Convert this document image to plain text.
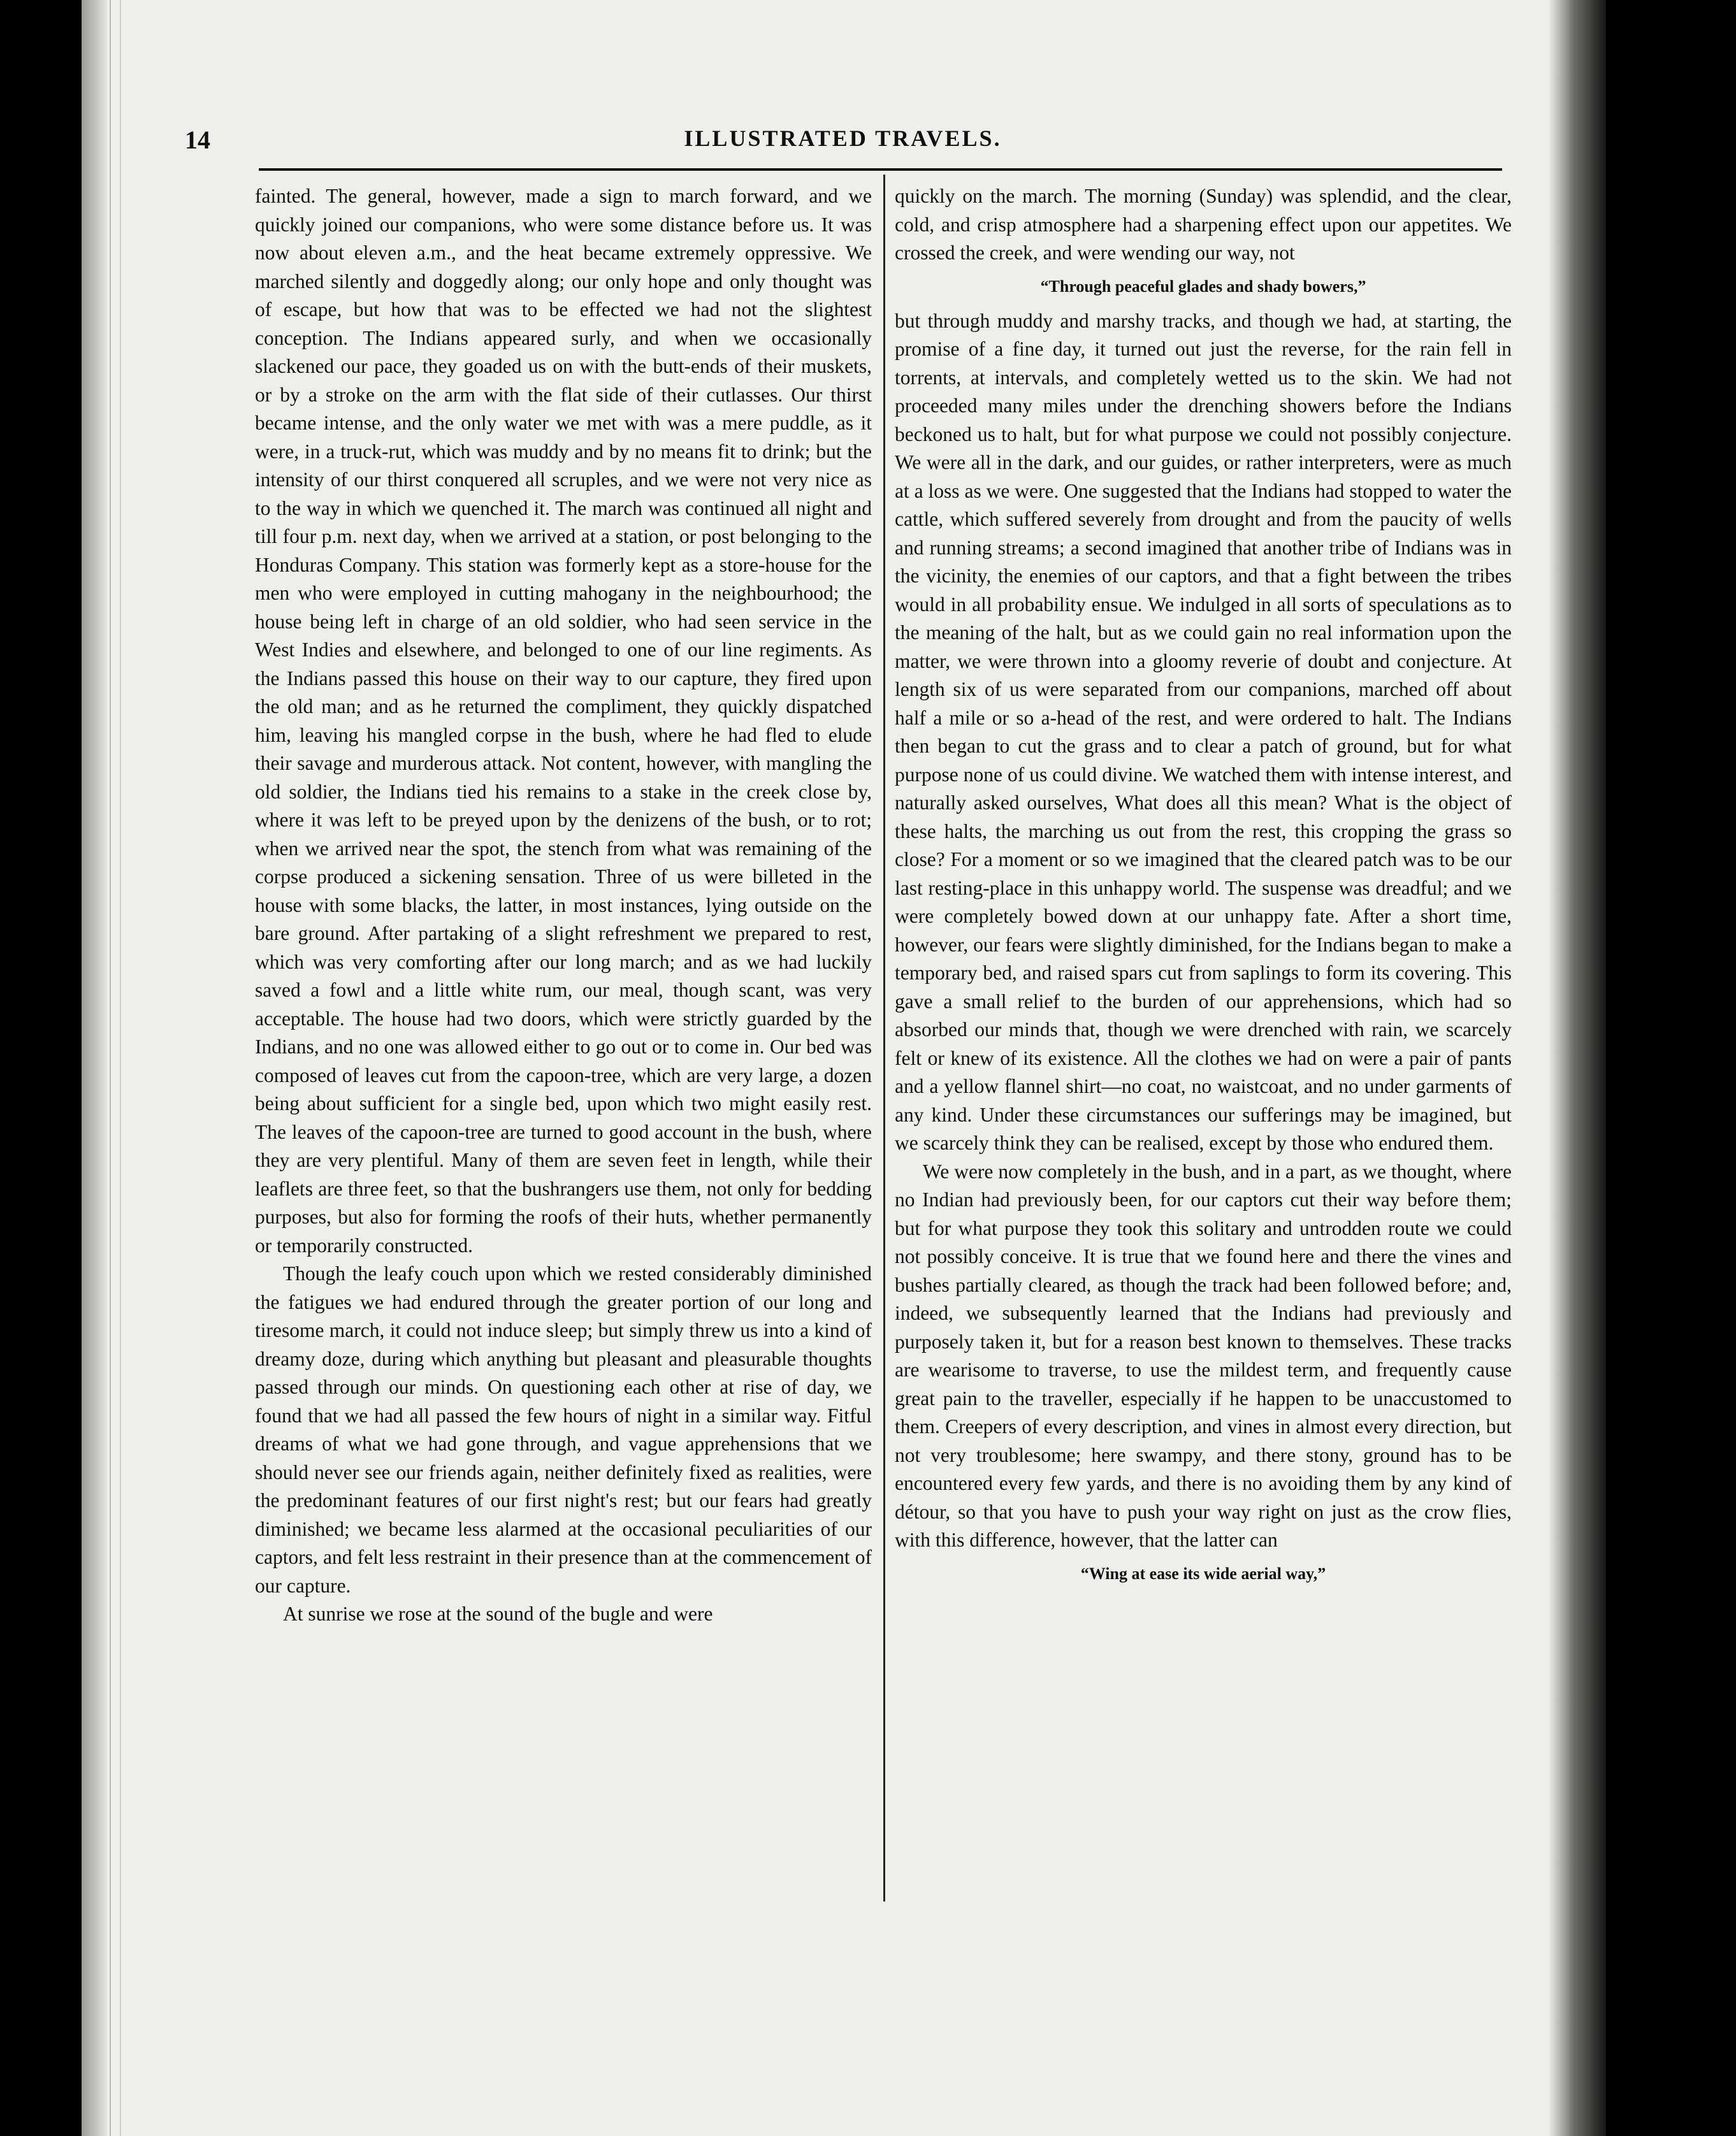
14	ILLUSTRATED TRAVELS.

fainted. The general, however, made a sign to march forward, and we quickly joined our companions, who were some distance before us. It was now about eleven a.m., and the heat became extremely oppressive. We marched silently and doggedly along; our only hope and only thought was of escape, but how that was to be effected we had not the slightest conception. The Indians appeared surly, and when we occasionally slackened our pace, they goaded us on with the butt-ends of their muskets, or by a stroke on the arm with the flat side of their cutlasses. Our thirst became intense, and the only water we met with was a mere puddle, as it were, in a truck-rut, which was muddy and by no means fit to drink; but the intensity of our thirst conquered all scruples, and we were not very nice as to the way in which we quenched it. The march was continued all night and till four p.m. next day, when we arrived at a station, or post belonging to the Honduras Company. This station was formerly kept as a store-house for the men who were employed in cutting mahogany in the neighbourhood; the house being left in charge of an old soldier, who had seen service in the West Indies and elsewhere, and belonged to one of our line regiments. As the Indians passed this house on their way to our capture, they fired upon the old man; and as he returned the compliment, they quickly dispatched him, leaving his mangled corpse in the bush, where he had fled to elude their savage and murderous attack. Not content, however, with mangling the old soldier, the Indians tied his remains to a stake in the creek close by, where it was left to be preyed upon by the denizens of the bush, or to rot; when we arrived near the spot, the stench from what was remaining of the corpse produced a sickening sensation. Three of us were billeted in the house with some blacks, the latter, in most instances, lying outside on the bare ground. After partaking of a slight refreshment we prepared to rest, which was very comforting after our long march; and as we had luckily saved a fowl and a little white rum, our meal, though scant, was very acceptable. The house had two doors, which were strictly guarded by the Indians, and no one was allowed either to go out or to come in. Our bed was composed of leaves cut from the capoon-tree, which are very large, a dozen being about sufficient for a single bed, upon which two might easily rest. The leaves of the capoon-tree are turned to good account in the bush, where they are very plentiful. Many of them are seven feet in length, while their leaflets are three feet, so that the bushrangers use them, not only for bedding purposes, but also for forming the roofs of their huts, whether permanently or temporarily constructed.

Though the leafy couch upon which we rested considerably diminished the fatigues we had endured through the greater portion of our long and tiresome march, it could not induce sleep; but simply threw us into a kind of dreamy doze, during which anything but pleasant and pleasurable thoughts passed through our minds. On questioning each other at rise of day, we found that we had all passed the few hours of night in a similar way. Fitful dreams of what we had gone through, and vague apprehensions that we should never see our friends again, neither definitely fixed as realities, were the predominant features of our first night's rest; but our fears had greatly diminished; we became less alarmed at the occasional peculiarities of our captors, and felt less restraint in their presence than at the commencement of our capture.

At sunrise we rose at the sound of the bugle and were

quickly on the march. The morning (Sunday) was splendid, and the clear, cold, and crisp atmosphere had a sharpening effect upon our appetites. We crossed the creek, and were wending our way, not

“Through peaceful glades and shady bowers,”

but through muddy and marshy tracks, and though we had, at starting, the promise of a fine day, it turned out just the reverse, for the rain fell in torrents, at intervals, and completely wetted us to the skin. We had not proceeded many miles under the drenching showers before the Indians beckoned us to halt, but for what purpose we could not possibly conjecture. We were all in the dark, and our guides, or rather interpreters, were as much at a loss as we were. One suggested that the Indians had stopped to water the cattle, which suffered severely from drought and from the paucity of wells and running streams; a second imagined that another tribe of Indians was in the vicinity, the enemies of our captors, and that a fight between the tribes would in all probability ensue. We indulged in all sorts of speculations as to the meaning of the halt, but as we could gain no real information upon the matter, we were thrown into a gloomy reverie of doubt and conjecture. At length six of us were separated from our companions, marched off about half a mile or so a-head of the rest, and were ordered to halt. The Indians then began to cut the grass and to clear a patch of ground, but for what purpose none of us could divine. We watched them with intense interest, and naturally asked ourselves, What does all this mean? What is the object of these halts, the marching us out from the rest, this cropping the grass so close? For a moment or so we imagined that the cleared patch was to be our last resting-place in this unhappy world. The suspense was dreadful; and we were completely bowed down at our unhappy fate. After a short time, however, our fears were slightly diminished, for the Indians began to make a temporary bed, and raised spars cut from saplings to form its covering. This gave a small relief to the burden of our apprehensions, which had so absorbed our minds that, though we were drenched with rain, we scarcely felt or knew of its existence. All the clothes we had on were a pair of pants and a yellow flannel shirt—no coat, no waistcoat, and no under garments of any kind. Under these circumstances our sufferings may be imagined, but we scarcely think they can be realised, except by those who endured them.

We were now completely in the bush, and in a part, as we thought, where no Indian had previously been, for our captors cut their way before them; but for what purpose they took this solitary and untrodden route we could not possibly conceive. It is true that we found here and there the vines and bushes partially cleared, as though the track had been followed before; and, indeed, we subsequently learned that the Indians had previously and purposely taken it, but for a reason best known to themselves. These tracks are wearisome to traverse, to use the mildest term, and frequently cause great pain to the traveller, especially if he happen to be unaccustomed to them. Creepers of every description, and vines in almost every direction, but not very troublesome; here swampy, and there stony, ground has to be encountered every few yards, and there is no avoiding them by any kind of détour, so that you have to push your way right on just as the crow flies, with this difference, however, that the latter can

“Wing at ease its wide aerial way,”
